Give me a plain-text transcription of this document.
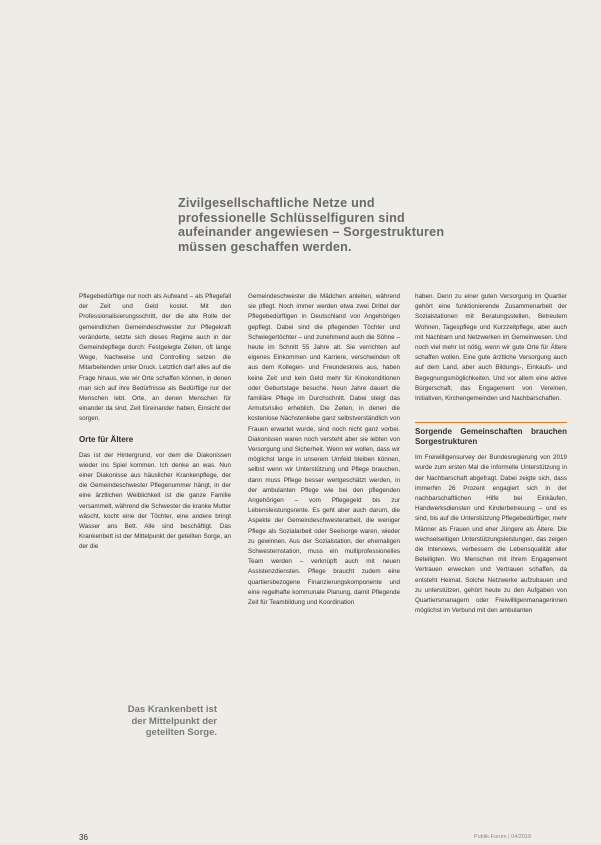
Zivilgesellschaftliche Netze und professionelle Schlüsselfiguren sind aufeinander angewiesen – Sorgestrukturen müssen geschaffen werden.

Pflegebedürftige nur noch als Aufwand – als Pflegefall der Zeit und Geld kostet. Mit den Professionalisierungsschritt, der die alte Rolle der gemeindlichen Gemeindeschwester zur Pflegekraft veränderte, setzte sich dieses Regime auch in der Gemeindepflege durch: Festgelegte Zeiten, oft lange Wege, Nachweise und Controlling setzen die Mitarbeitenden unter Druck. Letztlich darf alles auf die Frage hinaus, wie wir Orte schaffen können, in denen man sich auf ihre Bedürfnisse als Bedürftige nur der Menschen lebt. Orte, an denen Menschen für einander da sind, Zeit füreinander haben, Einsicht der sorgen.

Orte für Ältere

Das ist der Hintergrund, vor dem die Diakonissen wieder ins Spiel kommen. Ich denke an was. Nun einer Diakonisse aus häuslicher Krankenpflege, der die Gemeindeschwester Pflegenummer hängt, in der eine ärztlichen Weiblichkeit ist die ganze Familie versammelt, während die Schwester die kranke Mutter wäscht, kocht eine der Töchter, eine andere bringt Wasser ans Bett. Alle sind beschäftigt. Das Krankenbett ist der Mittelpunkt der geteilten Sorge, an der die

Das Krankenbett ist der Mittelpunkt der geteilten Sorge.

Gemeindeschwester die Mädchen anleiten, während sie pflegt. Noch immer werden etwa zwei Drittel der Pflegebedürftigen in Deutschland von Angehörigen gepflegt. Dabei sind die pflegenden Töchter und Schwiegertöchter – und zunehmend auch die Söhne – heute im Schnitt 55 Jahre alt. Sie verrichten auf eigenes Einkommen und Karriere, verschwinden oft aus dem Kollegen- und Freundeskreis aus, haben keine Zeit und kein Geld mehr für Kinokonditionen oder Geburtstage besuche. Neun Jahre dauert die familiäre Pflege im Durchschnitt. Dabei steigt das Armutsrisiko erheblich. Die Zeiten, in denen die kostenlose Nächstenliebe ganz selbstverständlich von Frauen erwartet wurde, sind noch nicht ganz vorbei. Diakonissen waren noch versteht aber sie lebten von Versorgung und Sicherheit. Wenn wir wollen, dass wir möglichst lange in unserem Umfeld bleiben können, selbst wenn wir Unterstützung und Pflege brauchen, dann muss Pflege besser wertgeschätzt werden, in der ambulanten Pflege wie bei den pflegenden Angehörigen – vom Pflegegeld bis zur Lebensleistungsrente. Es geht aber auch darum, die Aspekte der Gemeindeschwesterarbeit, die weniger Pflege als Sozialarbeit oder Seelsorge waren, wieder zu gewinnen. Aus der Sozialstation, der ehemaligen Schwesternstation, muss ein multiprofessionelles Team werden – verknüpft auch mit neuen Assistenzdiensten. Pflege braucht zudem eine quartiersbezogene Finanzierungskomponente und eine regelhafte kommunale Planung, damit Pflegende Zeit für Teambildung und Koordination

haben. Denn zu einer guten Versorgung im Quartier gehört eine funktionierende Zusammenarbeit der Sozialstationen mit Beratungsstellen, Betreutem Wohnen, Tagespflege und Kurzzeitpflege, aber auch mit Nachbarn und Netzwerken im Gemeinwesen. Und noch viel mehr ist nötig, wenn wir gute Orte für Ältere schaffen wollen. Eine gute ärztliche Versorgung auch auf dem Land, aber auch Bildungs-, Einkaufs- und Begegnungsmöglichkeiten. Und vor allem eine aktive Bürgerschaft, das Engagement von Vereinen, Initiativen, Kirchengemeinden und Nachbarschaften.

Sorgende Gemeinschaften brauchen Sorgestrukturen

Im Freiwilligensurvey der Bundesregierung von 2019 wurde zum ersten Mal die informelle Unterstützung in der Nachbarschaft abgefragt. Dabei zeigte sich, dass immerhin 26 Prozent engagiert sich in der nachbarschaftlichen Hilfe bei Einkäufen, Handwerksdiensten und Kinderbetreuung – und es sind, bis auf die Unterstützung Pflegebedürftiger, mehr Männer als Frauen und eher Jüngere als Ältere. Die wechselseitigen Unterstützungsleistungen, das zeigen die Interviews, verbessern die Lebensqualität aller Beteiligten. Wo Menschen mit ihrem Engagement Vertrauen erwecken und Vertrauen schaffen, da entsteht Heimat. Solche Netzwerke aufzubauen und zu unterstützen, gehört heute zu den Aufgaben von Quartiersmanagern oder Freiwilligenmanagerinnen möglichst im Verbund mit den ambulanten

36	Publik-Forum | 04/2019
